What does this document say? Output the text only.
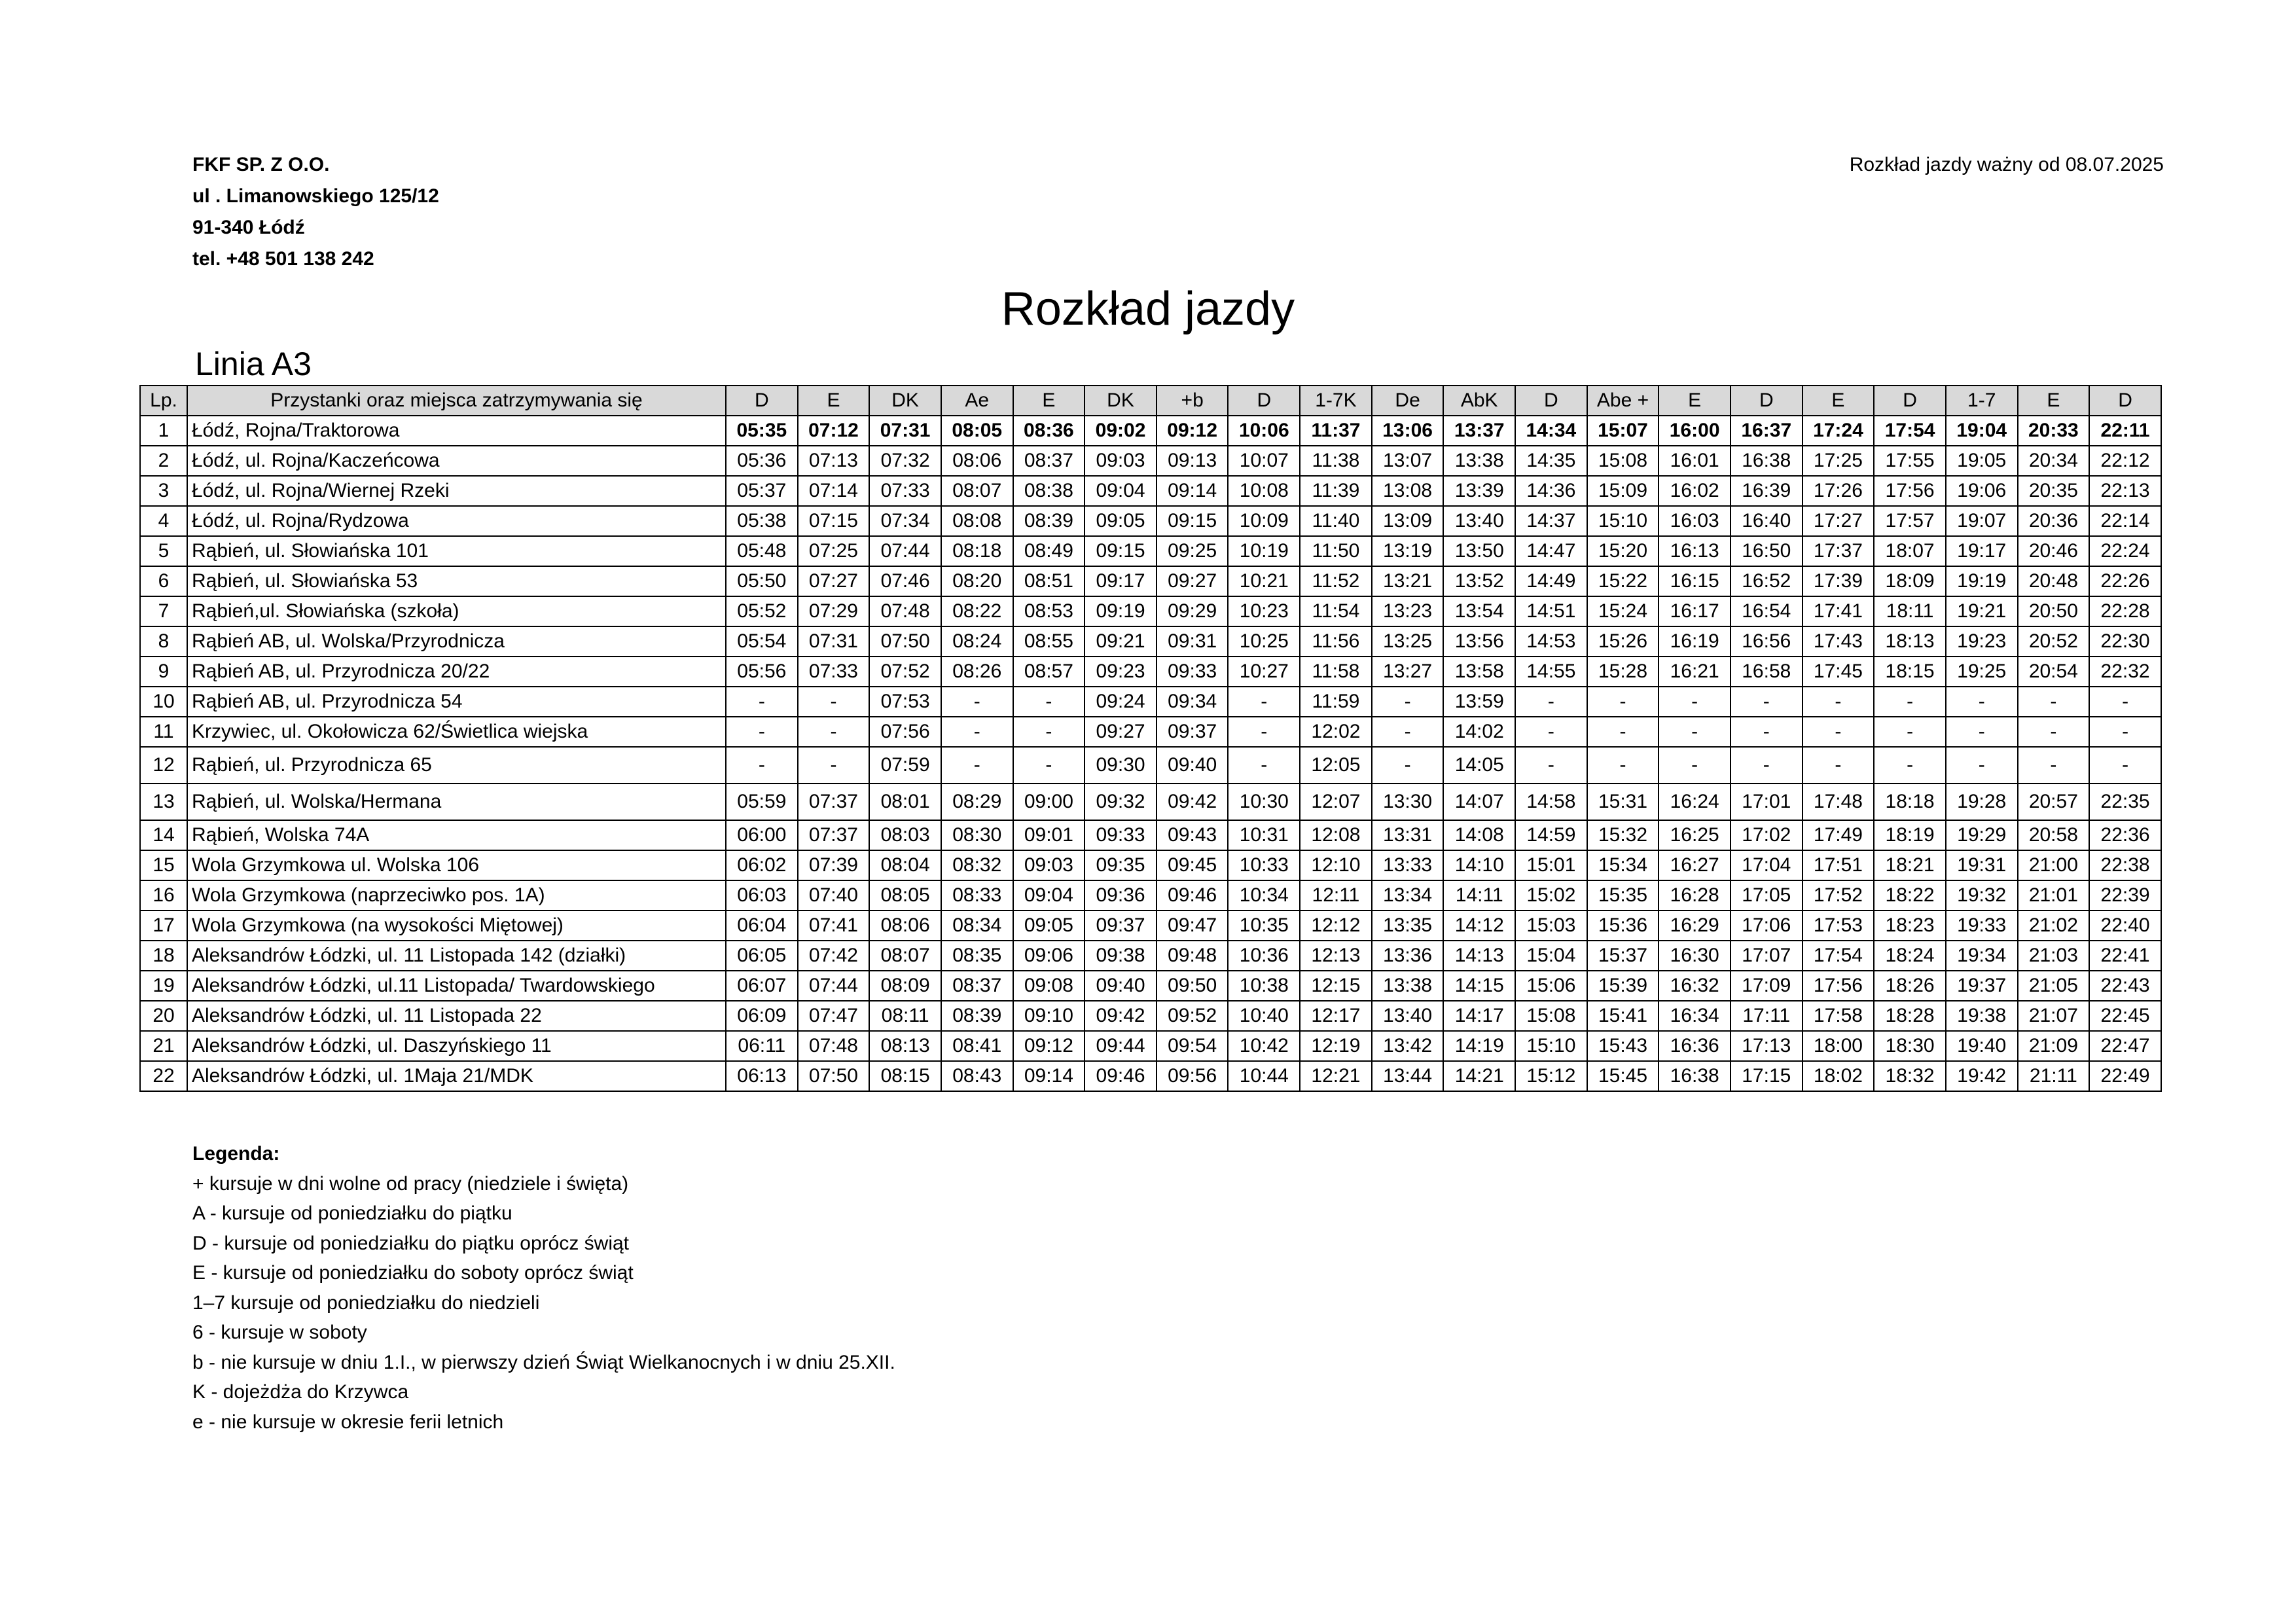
FKF SP. Z O.O.
ul . Limanowskiego 125/12
91-340 Łódź
tel. +48 501 138 242
Rozkład jazdy ważny od 08.07.2025
Rozkład jazdy
Linia A3
Lp.	Przystanki oraz miejsca zatrzymywania się	D	E	DK	Ae	E	DK	+b	D	1-7K	De	AbK	D	Abe +	E	D	E	D	1-7	E	D
1	Łódź, Rojna/Traktorowa	05:35	07:12	07:31	08:05	08:36	09:02	09:12	10:06	11:37	13:06	13:37	14:34	15:07	16:00	16:37	17:24	17:54	19:04	20:33	22:11
2	Łódź, ul. Rojna/Kaczeńcowa	05:36	07:13	07:32	08:06	08:37	09:03	09:13	10:07	11:38	13:07	13:38	14:35	15:08	16:01	16:38	17:25	17:55	19:05	20:34	22:12
3	Łódź, ul. Rojna/Wiernej Rzeki	05:37	07:14	07:33	08:07	08:38	09:04	09:14	10:08	11:39	13:08	13:39	14:36	15:09	16:02	16:39	17:26	17:56	19:06	20:35	22:13
4	Łódź, ul. Rojna/Rydzowa	05:38	07:15	07:34	08:08	08:39	09:05	09:15	10:09	11:40	13:09	13:40	14:37	15:10	16:03	16:40	17:27	17:57	19:07	20:36	22:14
5	Rąbień, ul. Słowiańska 101	05:48	07:25	07:44	08:18	08:49	09:15	09:25	10:19	11:50	13:19	13:50	14:47	15:20	16:13	16:50	17:37	18:07	19:17	20:46	22:24
6	Rąbień, ul. Słowiańska 53	05:50	07:27	07:46	08:20	08:51	09:17	09:27	10:21	11:52	13:21	13:52	14:49	15:22	16:15	16:52	17:39	18:09	19:19	20:48	22:26
7	Rąbień,ul. Słowiańska (szkoła)	05:52	07:29	07:48	08:22	08:53	09:19	09:29	10:23	11:54	13:23	13:54	14:51	15:24	16:17	16:54	17:41	18:11	19:21	20:50	22:28
8	Rąbień AB, ul. Wolska/Przyrodnicza	05:54	07:31	07:50	08:24	08:55	09:21	09:31	10:25	11:56	13:25	13:56	14:53	15:26	16:19	16:56	17:43	18:13	19:23	20:52	22:30
9	Rąbień AB, ul. Przyrodnicza 20/22	05:56	07:33	07:52	08:26	08:57	09:23	09:33	10:27	11:58	13:27	13:58	14:55	15:28	16:21	16:58	17:45	18:15	19:25	20:54	22:32
10	Rąbień AB, ul. Przyrodnicza 54	-	-	07:53	-	-	09:24	09:34	-	11:59	-	13:59	-	-	-	-	-	-	-	-	-
11	Krzywiec, ul. Okołowicza 62/Świetlica wiejska	-	-	07:56	-	-	09:27	09:37	-	12:02	-	14:02	-	-	-	-	-	-	-	-	-
12	Rąbień, ul. Przyrodnicza 65	-	-	07:59	-	-	09:30	09:40	-	12:05	-	14:05	-	-	-	-	-	-	-	-	-
13	Rąbień, ul. Wolska/Hermana	05:59	07:37	08:01	08:29	09:00	09:32	09:42	10:30	12:07	13:30	14:07	14:58	15:31	16:24	17:01	17:48	18:18	19:28	20:57	22:35
14	Rąbień, Wolska 74A	06:00	07:37	08:03	08:30	09:01	09:33	09:43	10:31	12:08	13:31	14:08	14:59	15:32	16:25	17:02	17:49	18:19	19:29	20:58	22:36
15	Wola Grzymkowa ul. Wolska 106	06:02	07:39	08:04	08:32	09:03	09:35	09:45	10:33	12:10	13:33	14:10	15:01	15:34	16:27	17:04	17:51	18:21	19:31	21:00	22:38
16	Wola Grzymkowa (naprzeciwko pos. 1A)	06:03	07:40	08:05	08:33	09:04	09:36	09:46	10:34	12:11	13:34	14:11	15:02	15:35	16:28	17:05	17:52	18:22	19:32	21:01	22:39
17	Wola Grzymkowa (na wysokości Miętowej)	06:04	07:41	08:06	08:34	09:05	09:37	09:47	10:35	12:12	13:35	14:12	15:03	15:36	16:29	17:06	17:53	18:23	19:33	21:02	22:40
18	Aleksandrów Łódzki, ul. 11 Listopada 142 (działki)	06:05	07:42	08:07	08:35	09:06	09:38	09:48	10:36	12:13	13:36	14:13	15:04	15:37	16:30	17:07	17:54	18:24	19:34	21:03	22:41
19	Aleksandrów Łódzki, ul.11 Listopada/ Twardowskiego	06:07	07:44	08:09	08:37	09:08	09:40	09:50	10:38	12:15	13:38	14:15	15:06	15:39	16:32	17:09	17:56	18:26	19:37	21:05	22:43
20	Aleksandrów Łódzki, ul. 11 Listopada 22	06:09	07:47	08:11	08:39	09:10	09:42	09:52	10:40	12:17	13:40	14:17	15:08	15:41	16:34	17:11	17:58	18:28	19:38	21:07	22:45
21	Aleksandrów Łódzki, ul. Daszyńskiego 11	06:11	07:48	08:13	08:41	09:12	09:44	09:54	10:42	12:19	13:42	14:19	15:10	15:43	16:36	17:13	18:00	18:30	19:40	21:09	22:47
22	Aleksandrów Łódzki, ul. 1Maja 21/MDK	06:13	07:50	08:15	08:43	09:14	09:46	09:56	10:44	12:21	13:44	14:21	15:12	15:45	16:38	17:15	18:02	18:32	19:42	21:11	22:49
Legenda:
+ kursuje w dni wolne od pracy (niedziele i święta)
A - kursuje od poniedziałku do piątku
D - kursuje od poniedziałku do piątku oprócz świąt
E - kursuje od poniedziałku do soboty oprócz świąt
1–7 kursuje od poniedziałku do niedzieli
6 - kursuje w soboty
b - nie kursuje w dniu 1.I., w pierwszy dzień Świąt Wielkanocnych i w dniu 25.XII.
K - dojeżdża do Krzywca
e - nie kursuje w okresie ferii letnich
